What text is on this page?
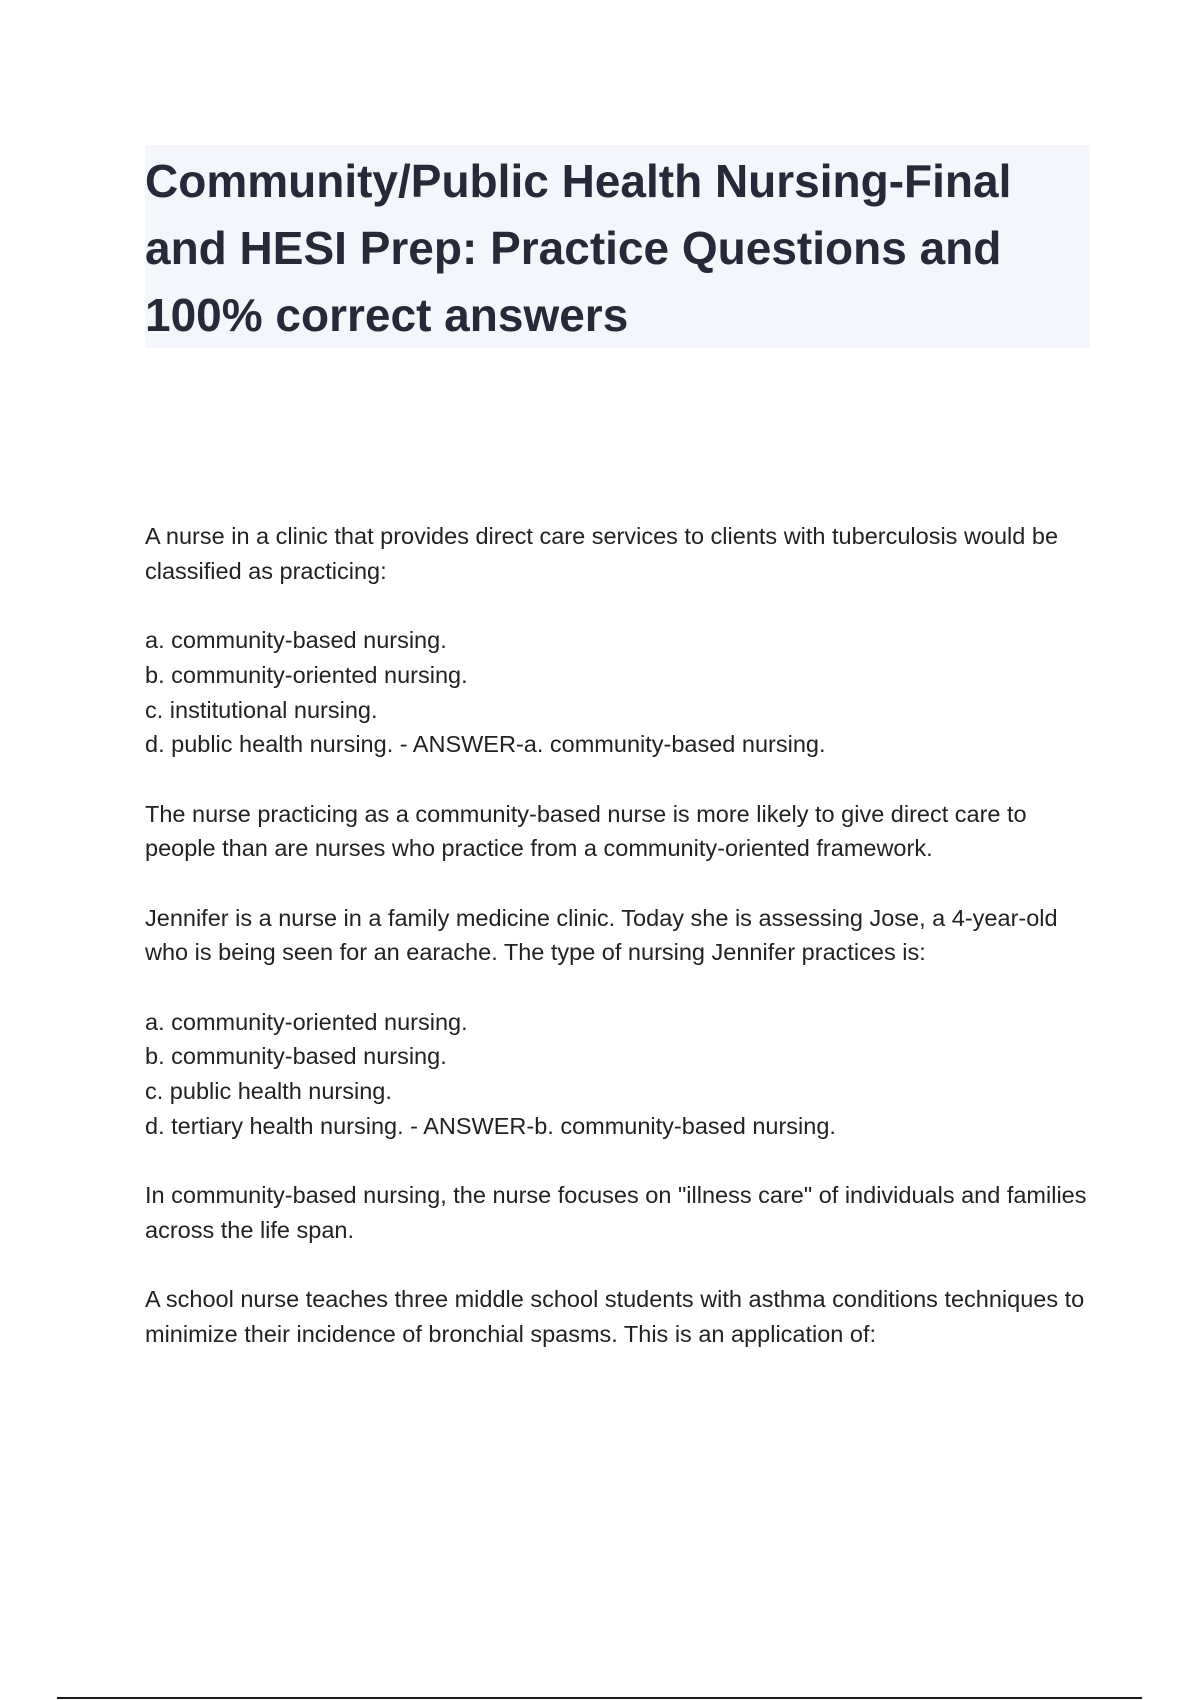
Community/Public Health Nursing-Final and HESI Prep: Practice Questions and 100% correct answers

A nurse in a clinic that provides direct care services to clients with tuberculosis would be classified as practicing:

a. community-based nursing.
b. community-oriented nursing.
c. institutional nursing.
d. public health nursing. - ANSWER-a. community-based nursing.

The nurse practicing as a community-based nurse is more likely to give direct care to people than are nurses who practice from a community-oriented framework.

Jennifer is a nurse in a family medicine clinic. Today she is assessing Jose, a 4-year-old who is being seen for an earache. The type of nursing Jennifer practices is:

a. community-oriented nursing.
b. community-based nursing.
c. public health nursing.
d. tertiary health nursing. - ANSWER-b. community-based nursing.

In community-based nursing, the nurse focuses on "illness care" of individuals and families across the life span.

A school nurse teaches three middle school students with asthma conditions techniques to minimize their incidence of bronchial spasms. This is an application of:
